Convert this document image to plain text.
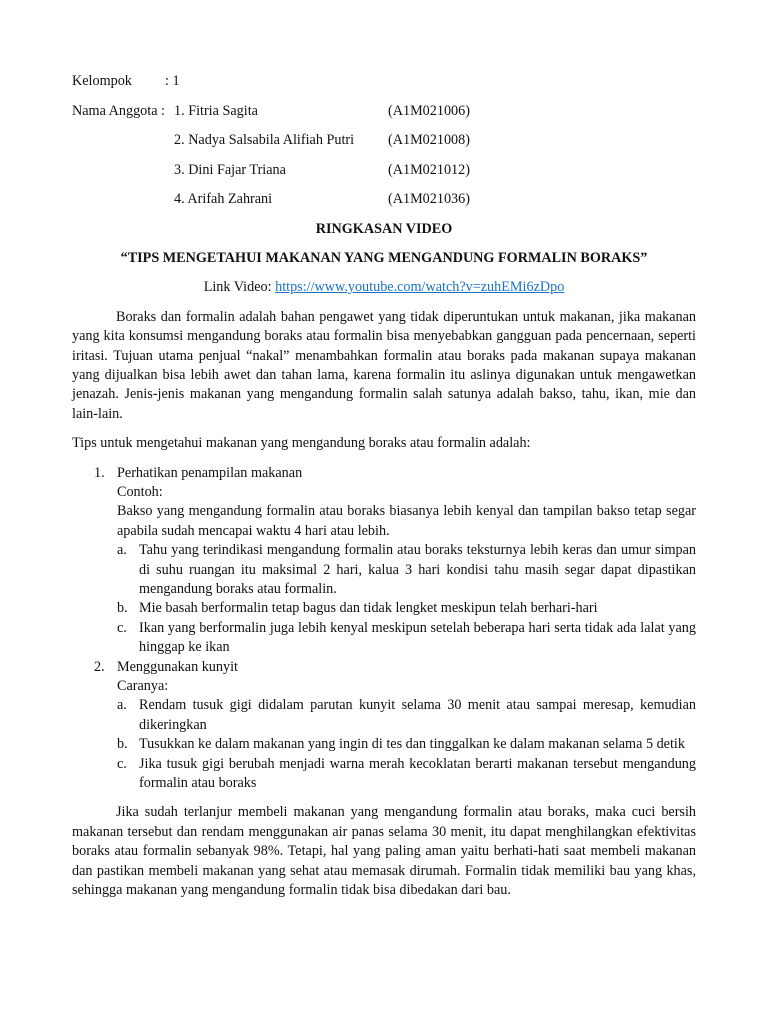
Kelompok : 1
Nama Anggota : 1. Fitria Sagita	(A1M021006)
2. Nadya Salsabila Alifiah Putri (A1M021008)
3. Dini Fajar Triana	(A1M021012)
4. Arifah Zahrani	(A1M021036)

RINGKASAN VIDEO

“TIPS MENGETAHUI MAKANAN YANG MENGANDUNG FORMALIN BORAKS”

Link Video: https://www.youtube.com/watch?v=zuhEMi6zDpo

Boraks dan formalin adalah bahan pengawet yang tidak diperuntukan untuk makanan, jika makanan yang kita konsumsi mengandung boraks atau formalin bisa menyebabkan gangguan pada pencernaan, seperti iritasi. Tujuan utama penjual “nakal” menambahkan formalin atau boraks pada makanan supaya makanan yang dijualkan bisa lebih awet dan tahan lama, karena formalin itu aslinya digunakan untuk mengawetkan jenazah. Jenis-jenis makanan yang mengandung formalin salah satunya adalah bakso, tahu, ikan, mie dan lain-lain.

Tips untuk mengetahui makanan yang mengandung boraks atau formalin adalah:

1. Perhatikan penampilan makanan

Contoh:

Bakso yang mengandung formalin atau boraks biasanya lebih kenyal dan tampilan bakso tetap segar apabila sudah mencapai waktu 4 hari atau lebih.

a. Tahu yang terindikasi mengandung formalin atau boraks teksturnya lebih keras dan umur simpan di suhu ruangan itu maksimal 2 hari, kalua 3 hari kondisi tahu masih segar dapat dipastikan mengandung boraks atau formalin.
b. Mie basah berformalin tetap bagus dan tidak lengket meskipun telah berhari-hari
c. Ikan yang berformalin juga lebih kenyal meskipun setelah beberapa hari serta tidak ada lalat yang hinggap ke ikan
2. Menggunakan kunyit

Caranya:

a. Rendam tusuk gigi didalam parutan kunyit selama 30 menit atau sampai meresap, kemudian dikeringkan
b. Tusukkan ke dalam makanan yang ingin di tes dan tinggalkan ke dalam makanan selama 5 detik
c. Jika tusuk gigi berubah menjadi warna merah kecoklatan berarti makanan tersebut mengandung formalin atau boraks

Jika sudah terlanjur membeli makanan yang mengandung formalin atau boraks, maka cuci bersih makanan tersebut dan rendam menggunakan air panas selama 30 menit, itu dapat menghilangkan efektivitas boraks atau formalin sebanyak 98%. Tetapi, hal yang paling aman yaitu berhati-hati saat membeli makanan dan pastikan membeli makanan yang sehat atau memasak dirumah. Formalin tidak memiliki bau yang khas, sehingga makanan yang mengandung formalin tidak bisa dibedakan dari bau.
